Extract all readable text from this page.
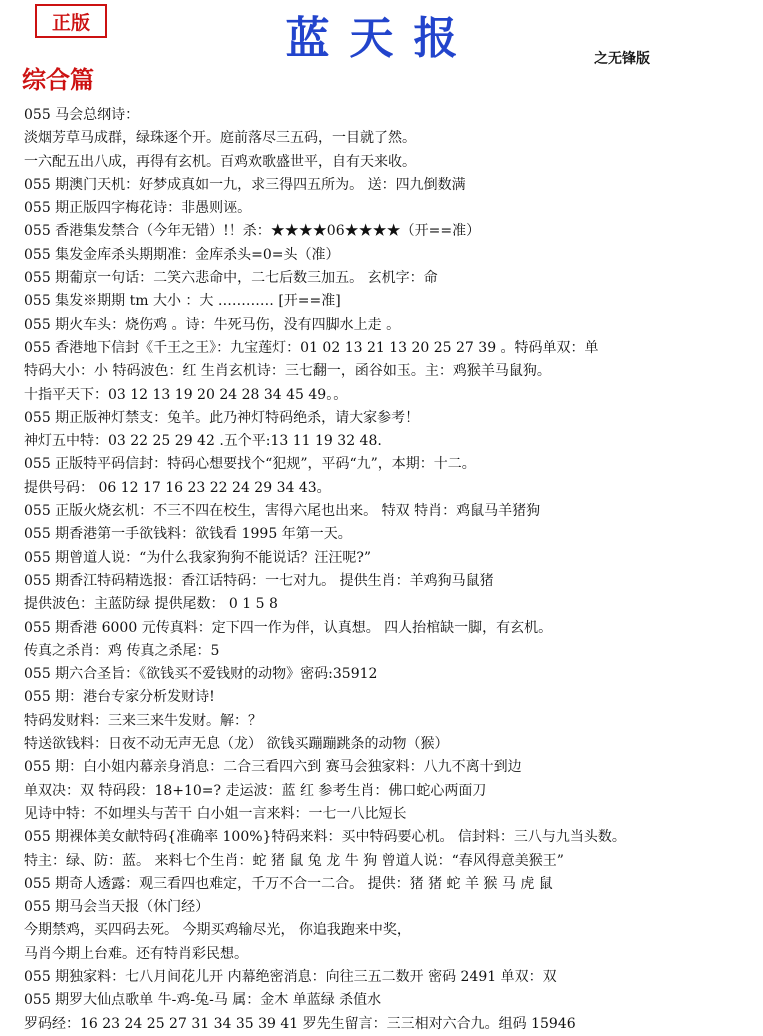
正版	蓝天报	之无锋版
综合篇
055 马会总纲诗：
淡烟芳草马成群，绿珠逐个开。庭前落尽三五码，一目就了然。
一六配五出八成，再得有玄机。百鸡欢歌盛世平，自有天来收。
055 期澳门天机：好梦成真如一九，求三得四五所为。 送：四九倒数满
055 期正版四字梅花诗：非愚则诬。
055 香港集发禁合（今年无错）!！杀：★★★★06★★★★（开==准）
055 集发金库杀头期期准：金库杀头=0=头（准）
055 期葡京一句话：二笑六悲命中，二七后数三加五。 玄机字：命
055 集发※期期 tm 大小 ：大 ………… [开==准]
055 期火车头：烧伤鸡 。诗：牛死马伤，没有四脚水上走 。
055 香港地下信封《千王之王》：九宝莲灯：01 02 13 21 13 20 25 27 39 。特码单双：单
特码大小：小 特码波色：红 生肖玄机诗：三七翻一，函谷如玉。主：鸡猴羊马鼠狗。
十指平天下：03 12 13 19 20 24 28 34 45 49。。
055 期正版神灯禁支：兔羊。此乃神灯特码绝杀，请大家参考！
神灯五中特：03 22 25 29 42 .五个平:13 11 19 32 48.
055 正版特平码信封：特码心想要找个“犯规”，平码“九”，本期：十二。
提供号码： 06 12 17 16 23 22 24 29 34 43。
055 正版火烧玄机：不三不四在校生，害得六尾也出来。 特双 特肖：鸡鼠马羊猪狗
055 期香港第一手欲钱料：欲钱看 1995 年第一天。
055 期曾道人说：“为什么我家狗狗不能说话？汪汪呢?”
055 期香江特码精选报：香江话特码：一七对九。 提供生肖：羊鸡狗马鼠猪
提供波色：主蓝防绿 提供尾数： 0 1 5 8
055 期香港 6000 元传真料：定下四一作为伴，认真想。 四人抬棺缺一脚，有玄机。
传真之杀肖：鸡 传真之杀尾：5
055 期六合圣旨：《欲钱买不爱钱财的动物》密码:35912
055 期：港台专家分析发财诗!
特码发财料：三来三来牛发财。解：？
特送欲钱料：日夜不动无声无息（龙） 欲钱买蹦蹦跳条的动物（猴）
055 期：白小姐内幕亲身消息：二合三看四六到 赛马会独家料：八九不离十到边
单双决：双 特码段：18+10=? 走运波：蓝 红 参考生肖：佛口蛇心两面刀
见诗中特：不如埋头与苦干 白小姐一言来料：一七一八比短长
055 期裸体美女献特码{准确率 100%}特码来料：买中特码要心机。 信封料：三八与九当头数。
特主：绿、防：蓝。 来料七个生肖：蛇 猪 鼠 兔 龙 牛 狗 曾道人说：“春风得意美猴王”
055 期奇人透露：观三看四也难定，千万不合一二合。 提供：猪 猪 蛇 羊 猴 马 虎 鼠
055 期马会当天报（休门经）
今期禁鸡，买四码去死。 今期买鸡输尽光， 你追我跑来中奖，
马肖今期上台难。还有特肖彩民想。
055 期独家料：七八月间花儿开 内幕绝密消息：向往三五二数开 密码 2491 单双：双
055 期罗大仙点歌单 牛-鸡-兔-马 属：金木 单蓝绿 杀值水
罗码经：16 23 24 25 27 31 34 35 39 41 罗先生留言：三三相对六合九。组码 15946
